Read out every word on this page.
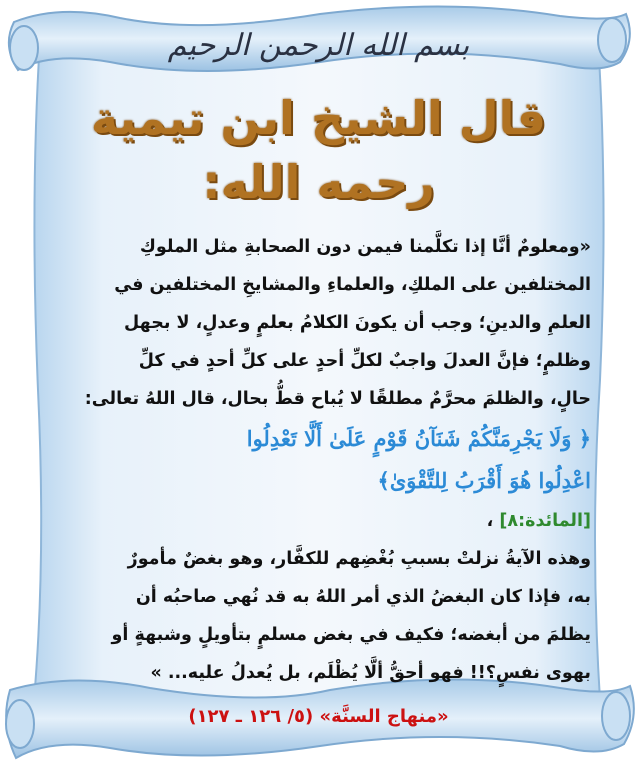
بسم الله الرحمن الرحيم
قال الشيخ ابن تيمية
رحمه الله:
«ومعلومٌ أنَّا إذا تكلَّمنا فيمن دون الصحابةِ مثل الملوكِ
المختلفين على الملكِ، والعلماءِ والمشايخِ المختلفين في
العلمِ والدينِ؛ وجب أن يكونَ الكلامُ بعلمٍ وعدلٍ، لا بجهل
وظلمٍ؛ فإنَّ العدلَ واجبٌ لكلِّ أحدٍ على كلِّ أحدٍ في كلِّ
حالٍ، والظلمَ محرَّمٌ مطلقًا لا يُباح قطُّ بحال، قال اللهُ تعالى:
﴿ وَلَا يَجْرِمَنَّكُمْ شَنَآنُ قَوْمٍ عَلَىٰ أَلَّا تَعْدِلُوا
اعْدِلُوا هُوَ أَقْرَبُ لِلتَّقْوَىٰ﴾
[المائدة:٨] ،
وهذه الآيةُ نزلتْ بسببِ بُغْضِهم للكفَّار، وهو بغضٌ مأمورٌ
به، فإذا كان البغضُ الذي أمر اللهُ به قد نُهي صاحبُه أن
يظلمَ من أبغضه؛ فكيف في بغض مسلمٍ بتأويلٍ وشبهةٍ أو
بهوى نفسٍ؟!! فهو أحقُّ ألَّا يُظْلَم، بل يُعدلُ عليه... »
«منهاج السنَّة» (٥/ ١٢٦ ـ ١٢٧)
